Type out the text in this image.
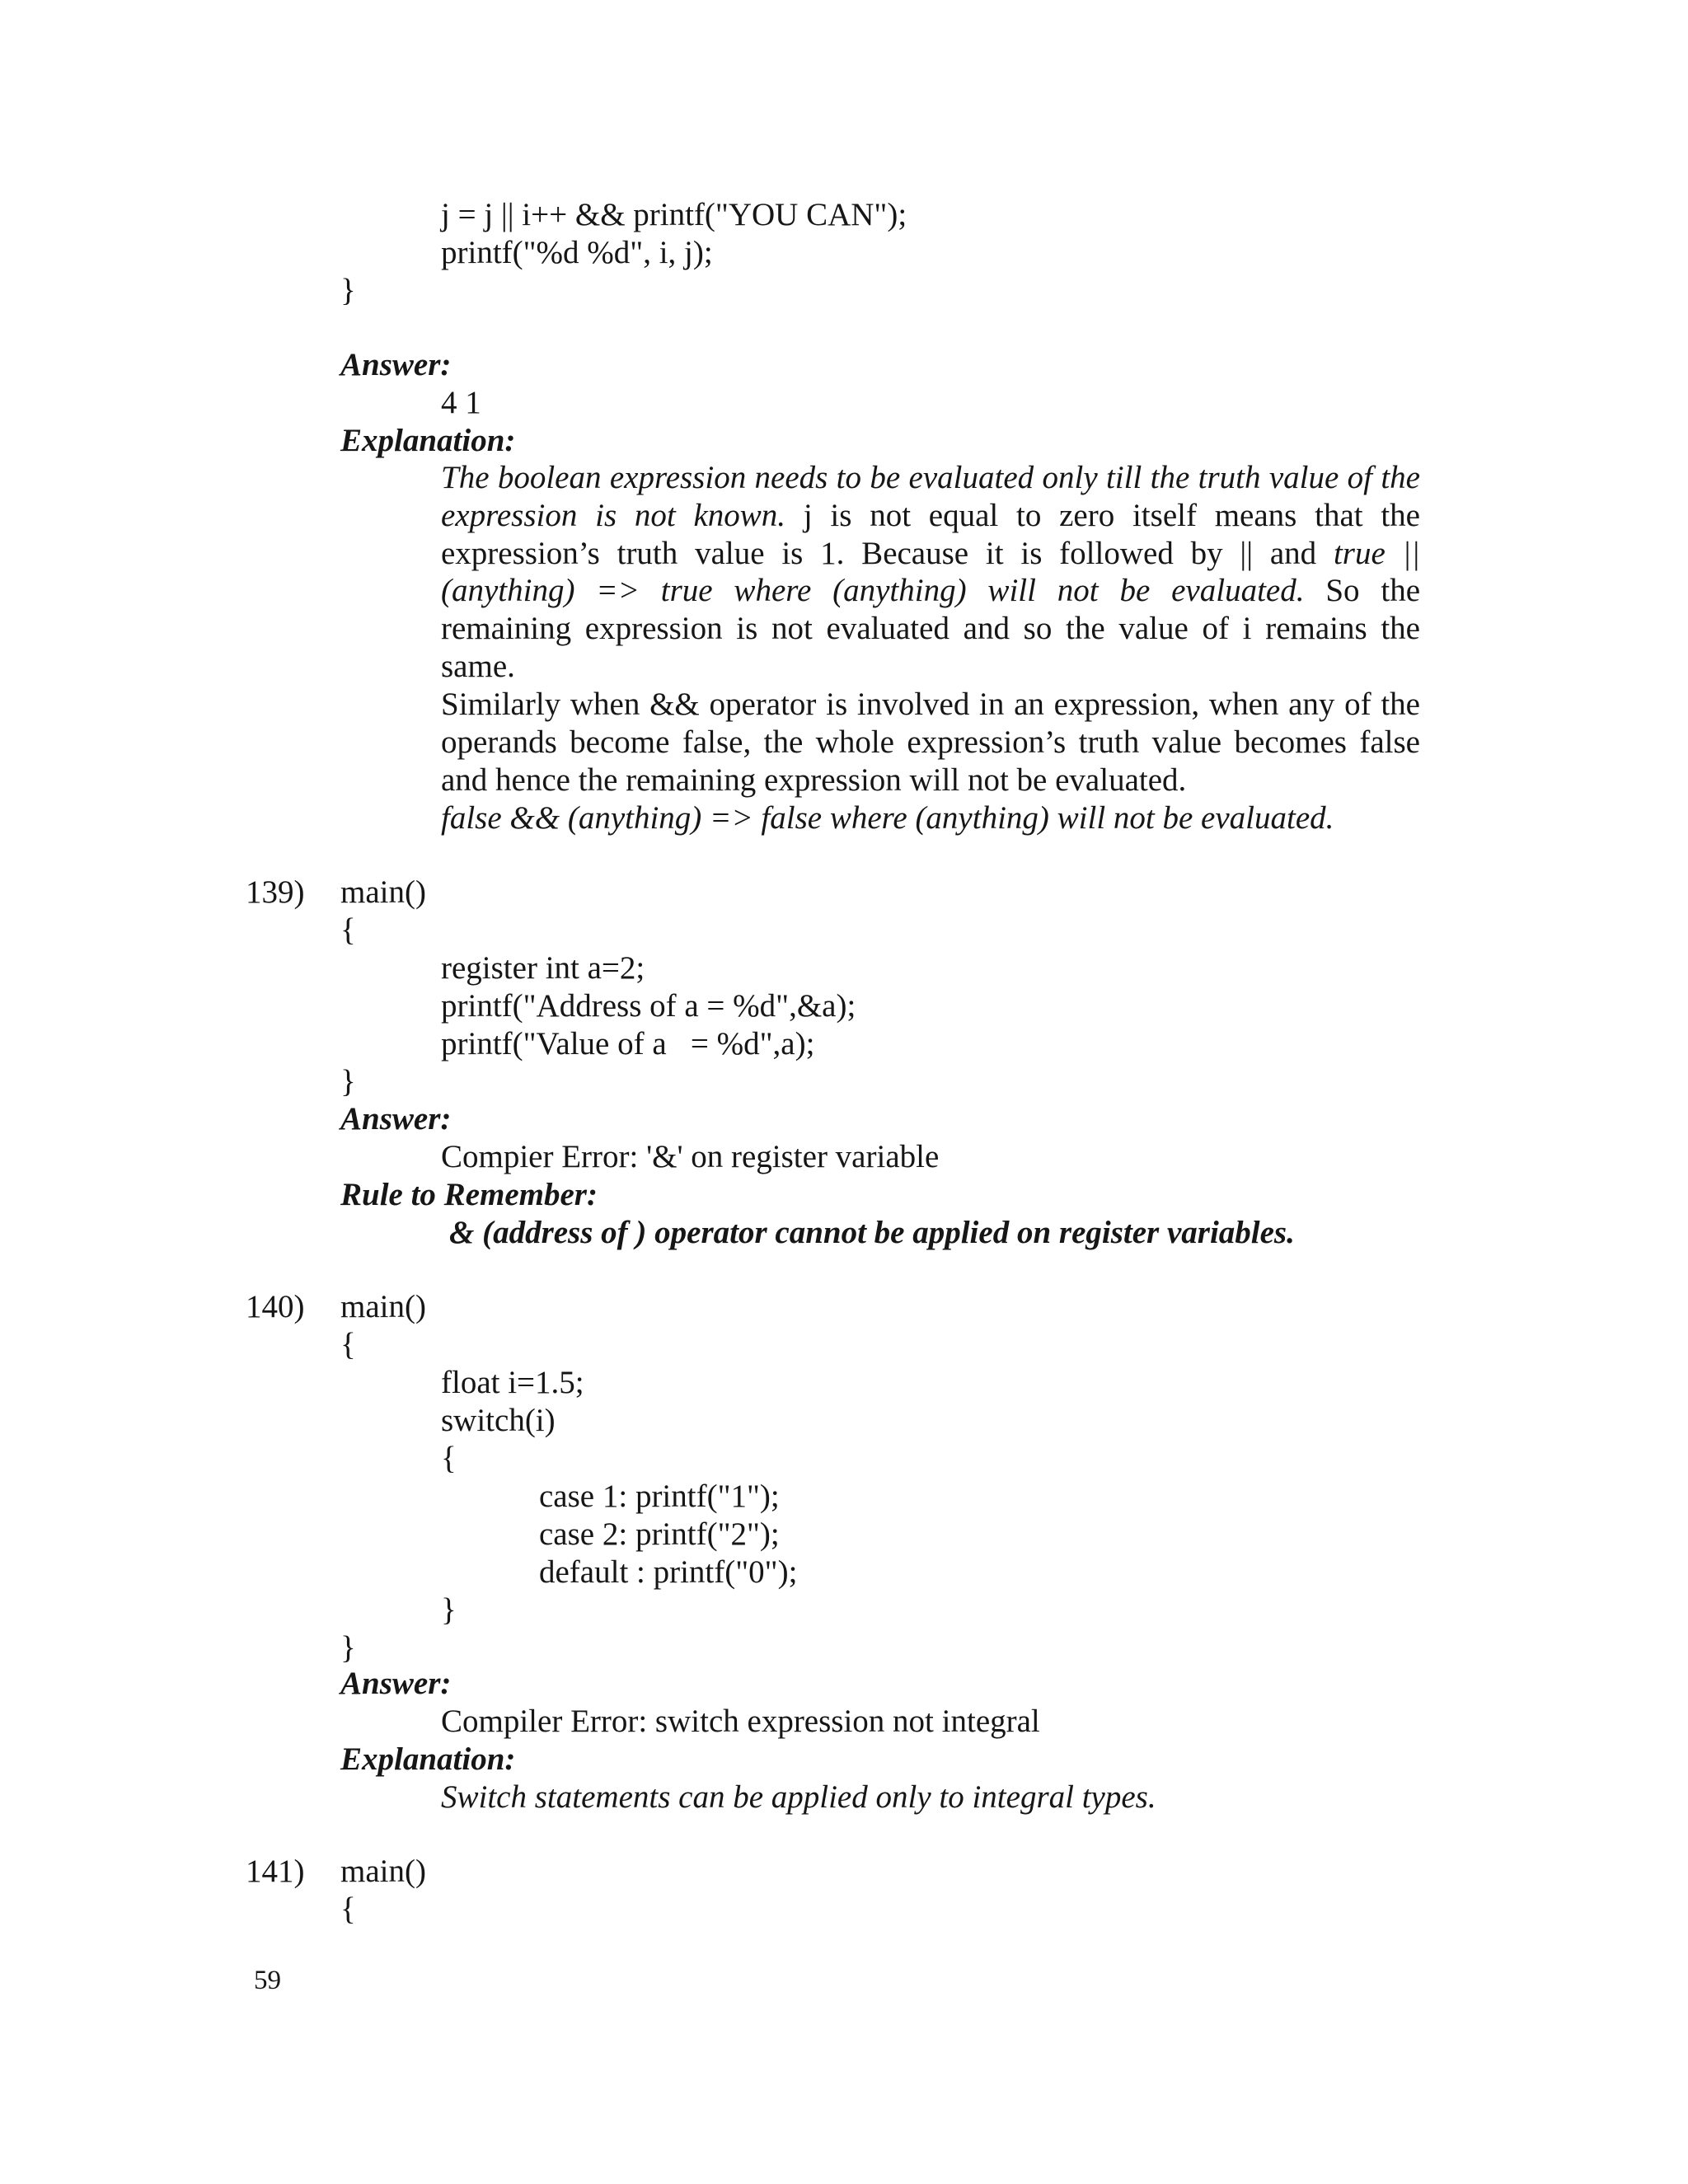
j = j || i++ && printf("YOU CAN");
printf("%d %d", i, j);
}
Answer:
4 1
Explanation:
The boolean expression needs to be evaluated only till the truth value of the expression is not known. j is not equal to zero itself means that the expression’s truth value is 1. Because it is followed by || and true || (anything) => true where (anything) will not be evaluated. So the remaining expression is not evaluated and so the value of i remains the same.
Similarly when && operator is involved in an expression, when any of the operands become false, the whole expression’s truth value becomes false and hence the remaining expression will not be evaluated.
false && (anything) => false where (anything) will not be evaluated.
139) main()
{
register int a=2;
printf("Address of a = %d",&a);
printf("Value of a   = %d",a);
}
Answer:
Compier Error: '&' on register variable
Rule to Remember:
& (address of ) operator cannot be applied on register variables.
140) main()
{
float i=1.5;
switch(i)
{
case 1: printf("1");
case 2: printf("2");
default : printf("0");
}
}
Answer:
Compiler Error: switch expression not integral
Explanation:
Switch statements can be applied only to integral types.
141) main()
{
59
